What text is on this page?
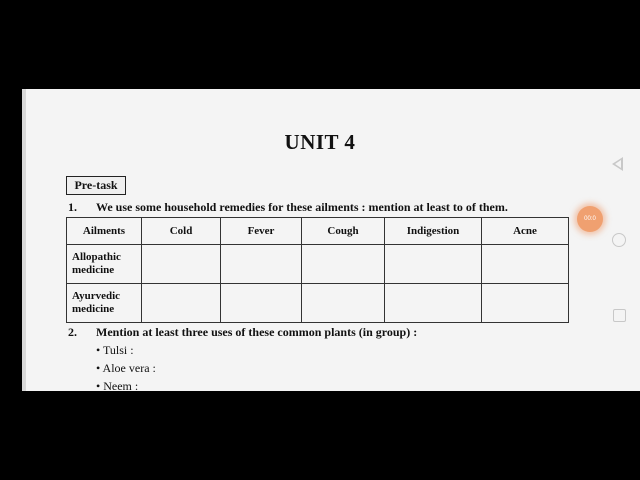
UNIT 4
Pre-task
1. We use some household remedies for these ailments : mention at least to of them.
Ailments	Cold	Fever	Cough	Indigestion	Acne
Allopathic
medicine					
Ayurvedic
medicine					
2. Mention at least three uses of these common plants (in group) :
• Tulsi :
• Aloe vera :
• Neem :
00:0
